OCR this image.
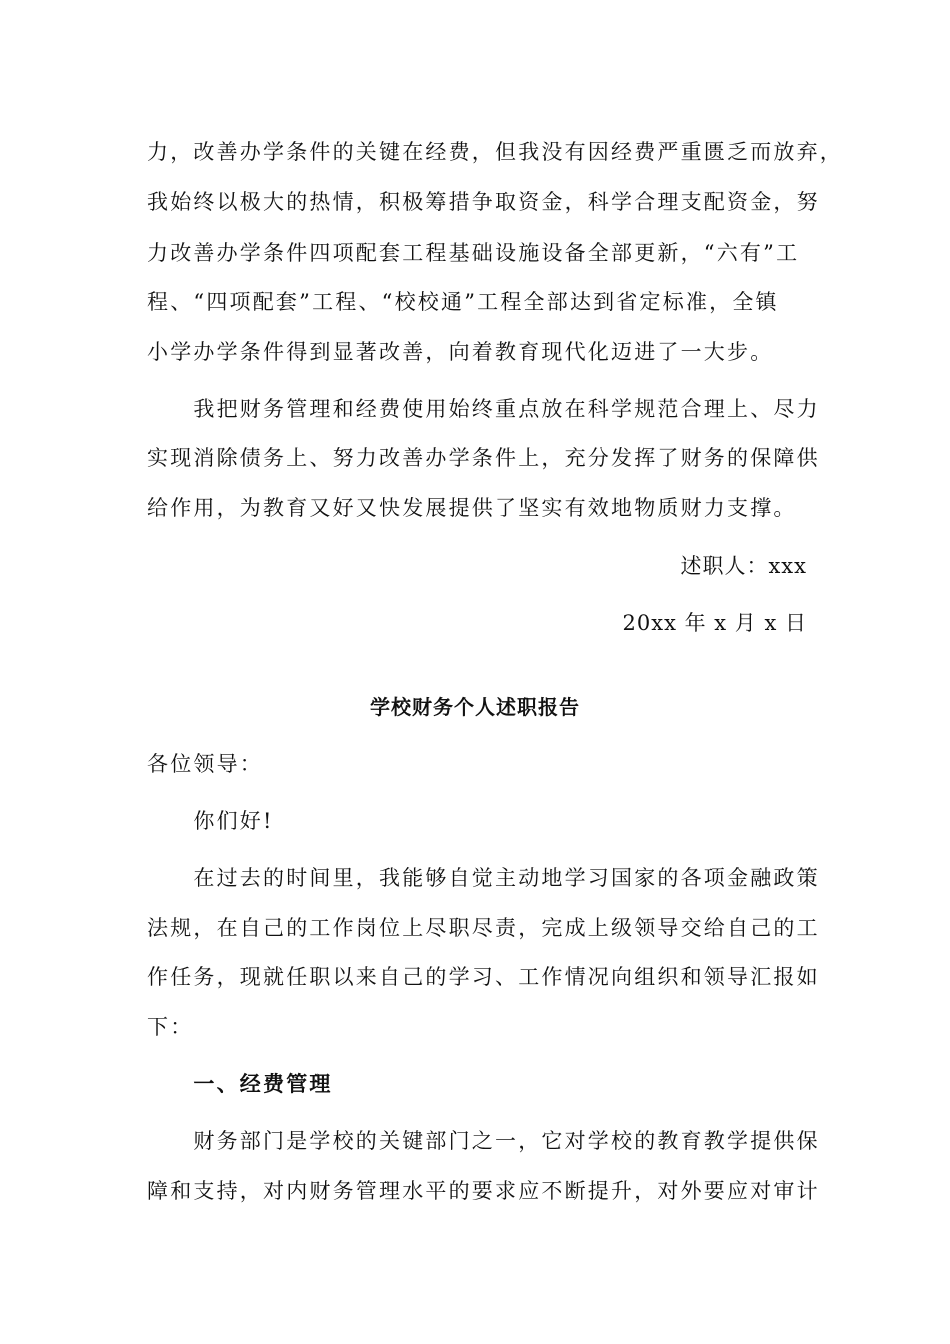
力，改善办学条件的关键在经费，但我没有因经费严重匮乏而放弃，
我始终以极大的热情，积极筹措争取资金，科学合理支配资金，努
力改善办学条件四项配套工程基础设施设备全部更新，“六有”工
程、“四项配套”工程、“校校通”工程全部达到省定标准，全镇
小学办学条件得到显著改善，向着教育现代化迈进了一大步。
　　我把财务管理和经费使用始终重点放在科学规范合理上、尽力
实现消除债务上、努力改善办学条件上，充分发挥了财务的保障供
给作用，为教育又好又快发展提供了坚实有效地物质财力支撑。
述职人：xxx
20xx 年 x 月 x 日
学校财务个人述职报告
各位领导：
　　你们好!
　　在过去的时间里，我能够自觉主动地学习国家的各项金融政策
法规，在自己的工作岗位上尽职尽责，完成上级领导交给自己的工
作任务，现就任职以来自己的学习、工作情况向组织和领导汇报如
下：
　　一、经费管理
　　财务部门是学校的关键部门之一，它对学校的教育教学提供保
障和支持，对内财务管理水平的要求应不断提升，对外要应对审计
